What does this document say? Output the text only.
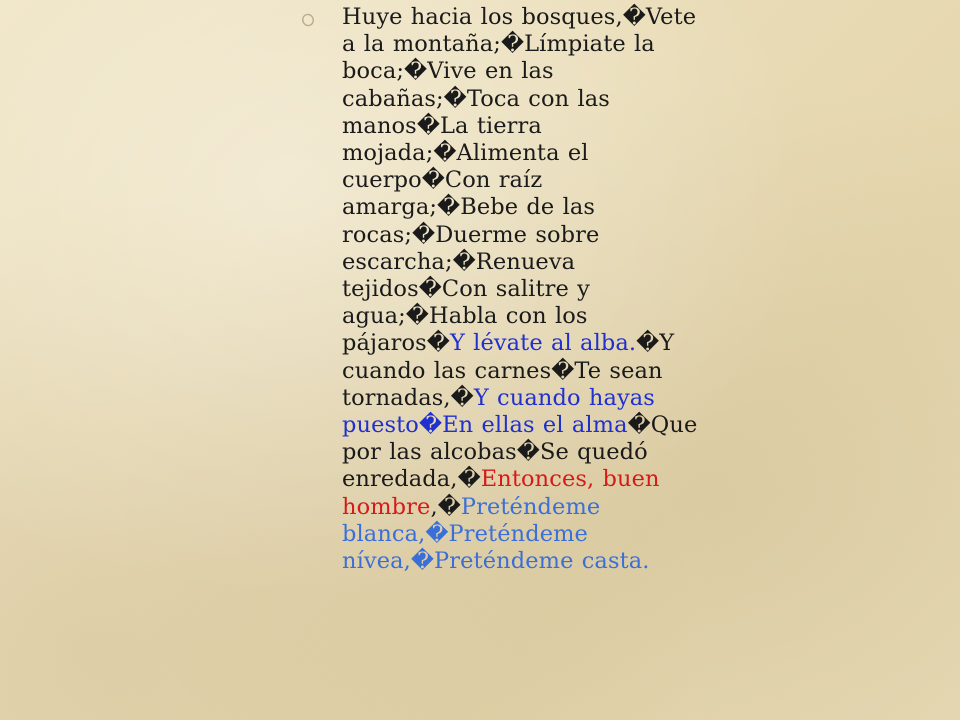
Huye hacia los bosques,�Vete
a la montaña;�Límpiate la
boca;�Vive en las
cabañas;�Toca con las
manos�La tierra
mojada;�Alimenta el
cuerpo�Con raíz
amarga;�Bebe de las
rocas;�Duerme sobre
escarcha;�Renueva
tejidos�Con salitre y
agua;�Habla con los
pájaros�Y lévate al alba.�Y
cuando las carnes�Te sean
tornadas,�Y cuando hayas
puesto�En ellas el alma�Que
por las alcobas�Se quedó
enredada,�Entonces, buen
hombre,�Preténdeme
blanca,�Preténdeme
nívea,�Preténdeme casta.
